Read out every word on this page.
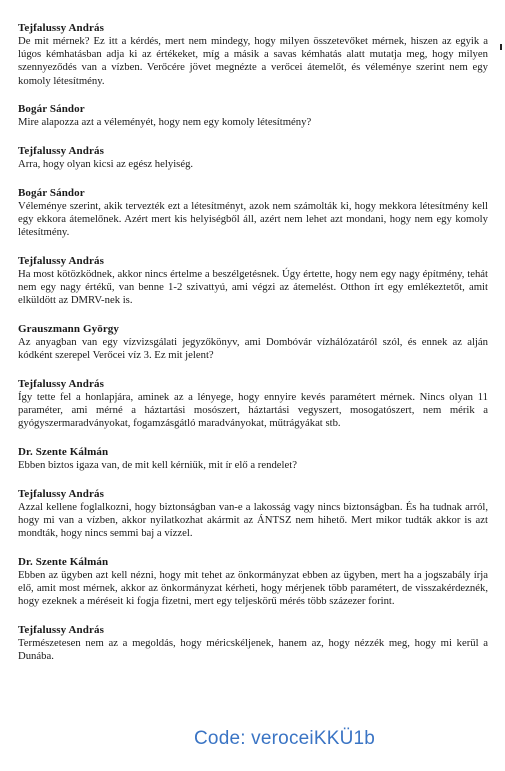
Tejfalussy András

De mit mérnek? Ez itt a kérdés, mert nem mindegy, hogy milyen összetevőket mérnek, hiszen az egyik a lúgos kémhatásban adja ki az értékeket, míg a másik a savas kémhatás alatt mutatja meg, hogy milyen szennyeződés van a vízben. Verőcére jövet megnézte a verőcei átemelőt, és véleménye szerint nem egy komoly létesítmény.

Bogár Sándor

Mire alapozza azt a véleményét, hogy nem egy komoly létesítmény?

Tejfalussy András

Arra, hogy olyan kicsi az egész helyiség.

Bogár Sándor

Véleménye szerint, akik tervezték ezt a létesítményt, azok nem számolták ki, hogy mekkora létesítmény kell egy ekkora átemelőnek. Azért mert kis helyiségből áll, azért nem lehet azt mondani, hogy nem egy komoly létesítmény.

Tejfalussy András

Ha most kötözködnek, akkor nincs értelme a beszélgetésnek. Úgy értette, hogy nem egy nagy építmény, tehát nem egy nagy értékű, van benne 1-2 szivattyú, ami végzi az átemelést. Otthon írt egy emlékeztetőt, amit elküldött az DMRV-nek is.

Grauszmann György

Az anyagban van egy vízvizsgálati jegyzőkönyv, ami Dombóvár vízhálózatáról szól, és ennek az alján kódként szerepel Verőcei víz 3. Ez mit jelent?

Tejfalussy András

Így tette fel a honlapjára, aminek az a lényege, hogy ennyire kevés paramétert mérnek. Nincs olyan 11 paraméter, ami mérné a háztartási mosószert, háztartási vegyszert, mosogatószert, nem mérik a gyógyszermaradványokat, fogamzásgátló maradványokat, műtrágyákat stb.

Dr. Szente Kálmán

Ebben biztos igaza van, de mit kell kérniük, mit ír elő a rendelet?

Tejfalussy András

Azzal kellene foglalkozni, hogy biztonságban van-e a lakosság vagy nincs biztonságban. És ha tudnak arról, hogy mi van a vízben, akkor nyilatkozhat akármit az ÁNTSZ nem hihető. Mert mikor tudták akkor is azt mondták, hogy nincs semmi baj a vízzel.

Dr. Szente Kálmán

Ebben az ügyben azt kell nézni, hogy mit tehet az önkormányzat ebben az ügyben, mert ha a jogszabály írja elő, amit most mérnek, akkor az önkormányzat kérheti, hogy mérjenek több paramétert, de visszakérdeznék, hogy ezeknek a méréseit ki fogja fizetni, mert egy teljeskörű mérés több százezer forint.

Tejfalussy András

Természetesen nem az a megoldás, hogy méricskéljenek, hanem az, hogy nézzék meg, hogy mi kerül a Dunába.

Code: veroceiKKÜ1b
